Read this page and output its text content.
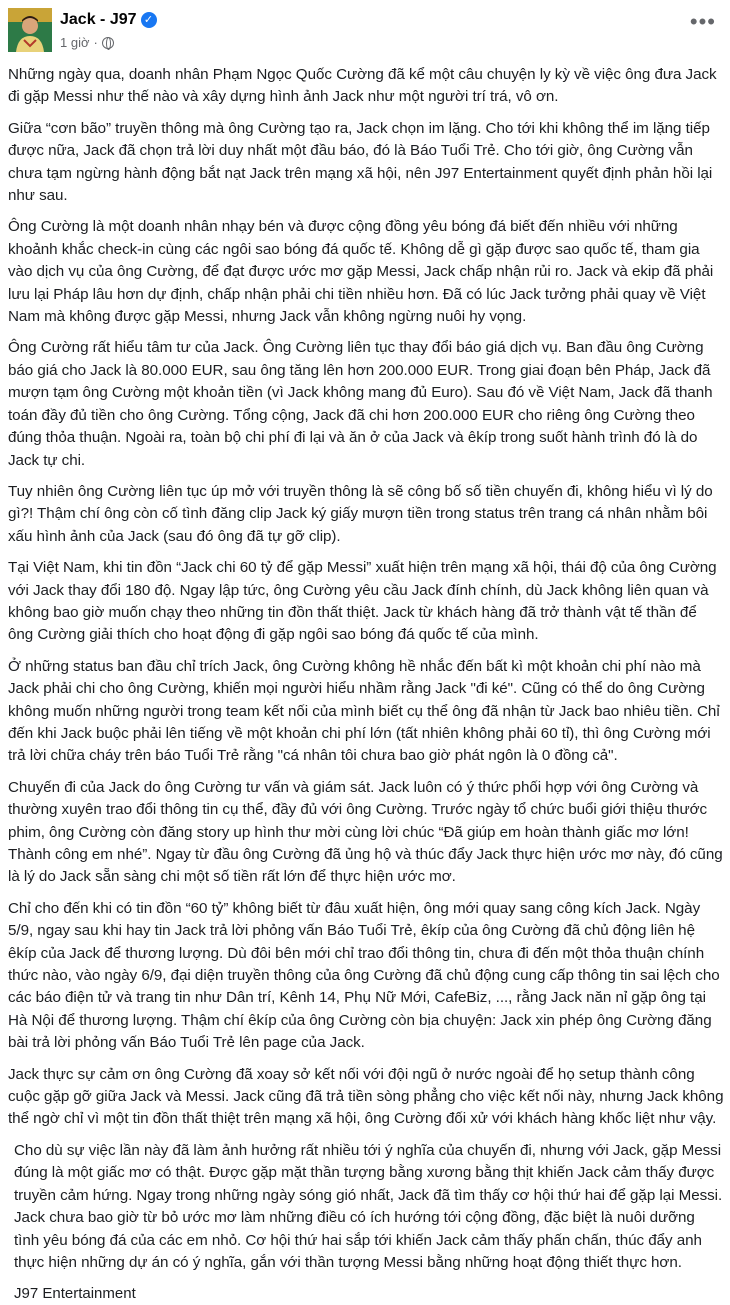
Jack - J97 ✓
1 giờ ·
•••

Những ngày qua, doanh nhân Phạm Ngọc Quốc Cường đã kể một câu chuyện ly kỳ về việc ông đưa Jack đi gặp Messi như thế nào và xây dựng hình ảnh Jack như một người trí trá, vô ơn.

Giữa “cơn bão” truyền thông mà ông Cường tạo ra, Jack chọn im lặng. Cho tới khi không thể im lặng tiếp được nữa, Jack đã chọn trả lời duy nhất một đầu báo, đó là Báo Tuổi Trẻ. Cho tới giờ, ông Cường vẫn chưa tạm ngừng hành động bắt nạt Jack trên mạng xã hội, nên J97 Entertainment quyết định phản hồi lại như sau.

Ông Cường là một doanh nhân nhạy bén và được cộng đồng yêu bóng đá biết đến nhiều với những khoảnh khắc check-in cùng các ngôi sao bóng đá quốc tế. Không dễ gì gặp được sao quốc tế, tham gia vào dịch vụ của ông Cường, để đạt được ước mơ gặp Messi, Jack chấp nhận rủi ro. Jack và ekip đã phải lưu lại Pháp lâu hơn dự định, chấp nhận phải chi tiền nhiều hơn. Đã có lúc Jack tưởng phải quay về Việt Nam mà không được gặp Messi, nhưng Jack vẫn không ngừng nuôi hy vọng.

Ông Cường rất hiểu tâm tư của Jack. Ông Cường liên tục thay đổi báo giá dịch vụ. Ban đầu ông Cường báo giá cho Jack là 80.000 EUR, sau ông tăng lên hơn 200.000 EUR. Trong giai đoạn bên Pháp, Jack đã mượn tạm ông Cường một khoản tiền (vì Jack không mang đủ Euro). Sau đó về Việt Nam, Jack đã thanh toán đầy đủ tiền cho ông Cường. Tổng cộng, Jack đã chi hơn 200.000 EUR cho riêng ông Cường theo đúng thỏa thuận. Ngoài ra, toàn bộ chi phí đi lại và ăn ở của Jack và êkíp trong suốt hành trình đó là do Jack tự chi.

Tuy nhiên ông Cường liên tục úp mở với truyền thông là sẽ công bố số tiền chuyến đi, không hiểu vì lý do gì?! Thậm chí ông còn cố tình đăng clip Jack ký giấy mượn tiền trong status trên trang cá nhân nhằm bôi xấu hình ảnh của Jack (sau đó ông đã tự gỡ clip).

Tại Việt Nam, khi tin đồn “Jack chi 60 tỷ để gặp Messi” xuất hiện trên mạng xã hội, thái độ của ông Cường với Jack thay đổi 180 độ. Ngay lập tức, ông Cường yêu cầu Jack đính chính, dù Jack không liên quan và không bao giờ muốn chạy theo những tin đồn thất thiệt. Jack từ khách hàng đã trở thành vật tế thần để ông Cường giải thích cho hoạt động đi gặp ngôi sao bóng đá quốc tế của mình.

Ở những status ban đầu chỉ trích Jack, ông Cường không hề nhắc đến bất kì một khoản chi phí nào mà Jack phải chi cho ông Cường, khiến mọi người hiểu nhầm rằng Jack "đi ké". Cũng có thể do ông Cường không muốn những người trong team kết nối của mình biết cụ thể ông đã nhận từ Jack bao nhiêu tiền. Chỉ đến khi Jack buộc phải lên tiếng về một khoản chi phí lớn (tất nhiên không phải 60 tỉ), thì ông Cường mới trả lời chữa cháy trên báo Tuổi Trẻ rằng "cá nhân tôi chưa bao giờ phát ngôn là 0 đồng cả".

Chuyến đi của Jack do ông Cường tư vấn và giám sát. Jack luôn có ý thức phối hợp với ông Cường và thường xuyên trao đổi thông tin cụ thể, đầy đủ với ông Cường. Trước ngày tổ chức buổi giới thiệu thước phim, ông Cường còn đăng story up hình thư mời cùng lời chúc “Đã giúp em hoàn thành giấc mơ lớn! Thành công em nhé”. Ngay từ đầu ông Cường đã ủng hộ và thúc đẩy Jack thực hiện ước mơ này, đó cũng là lý do Jack sẵn sàng chi một số tiền rất lớn để thực hiện ước mơ.

Chỉ cho đến khi có tin đồn “60 tỷ” không biết từ đâu xuất hiện, ông mới quay sang công kích Jack. Ngày 5/9, ngay sau khi hay tin Jack trả lời phỏng vấn Báo Tuổi Trẻ, êkíp của ông Cường đã chủ động liên hệ êkíp của Jack để thương lượng. Dù đôi bên mới chỉ trao đổi thông tin, chưa đi đến một thỏa thuận chính thức nào, vào ngày 6/9, đại diện truyền thông của ông Cường đã chủ động cung cấp thông tin sai lệch cho các báo điện tử và trang tin như Dân trí, Kênh 14, Phụ Nữ Mới, CafeBiz, ..., rằng Jack năn nỉ gặp ông tại Hà Nội để thương lượng. Thậm chí êkíp của ông Cường còn bịa chuyện: Jack xin phép ông Cường đăng bài trả lời phỏng vấn Báo Tuổi Trẻ lên page của Jack.

Jack thực sự cảm ơn ông Cường đã xoay sở kết nối với đội ngũ ở nước ngoài để họ setup thành công cuộc gặp gỡ giữa Jack và Messi. Jack cũng đã trả tiền sòng phẳng cho việc kết nối này, nhưng Jack không thể ngờ chỉ vì một tin đồn thất thiệt trên mạng xã hội, ông Cường đối xử với khách hàng khốc liệt như vậy.

Cho dù sự việc lần này đã làm ảnh hưởng rất nhiều tới ý nghĩa của chuyến đi, nhưng với Jack, gặp Messi đúng là một giấc mơ có thật. Được gặp mặt thần tượng bằng xương bằng thịt khiến Jack cảm thấy được truyền cảm hứng. Ngay trong những ngày sóng gió nhất, Jack đã tìm thấy cơ hội thứ hai để gặp lại Messi. Jack chưa bao giờ từ bỏ ước mơ làm những điều có ích hướng tới cộng đồng, đặc biệt là nuôi dưỡng tình yêu bóng đá của các em nhỏ. Cơ hội thứ hai sắp tới khiến Jack cảm thấy phấn chấn, thúc đẩy anh thực hiện những dự án có ý nghĩa, gắn với thần tượng Messi bằng những hoạt động thiết thực hơn.

J97 Entertainment
